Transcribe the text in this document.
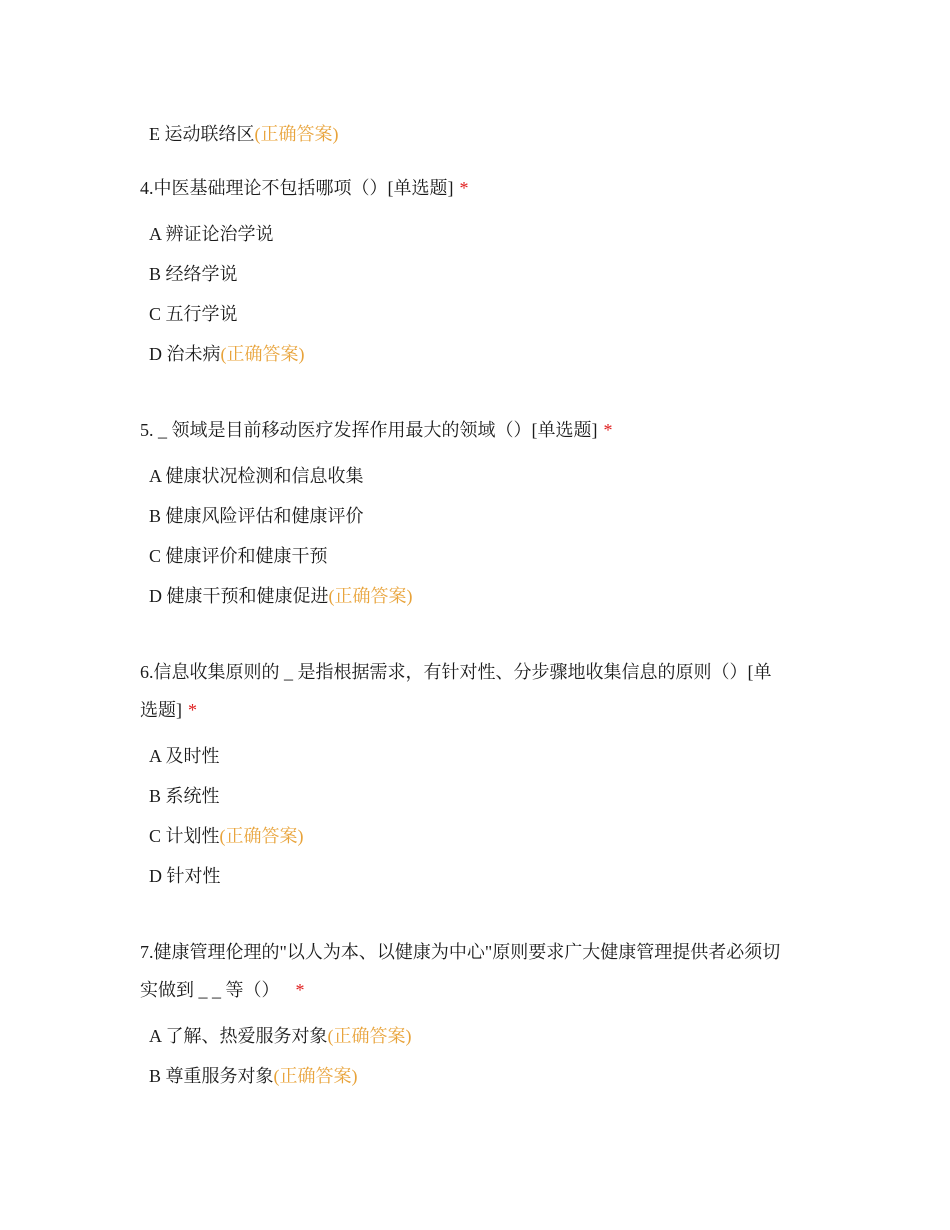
E 运动联络区(正确答案)
4.中医基础理论不包括哪项（）[单选题] *
A 辨证论治学说
B 经络学说
C 五行学说
D 治未病(正确答案)
5. _ 领域是目前移动医疗发挥作用最大的领域（）[单选题] *
A 健康状况检测和信息收集
B 健康风险评估和健康评价
C 健康评价和健康干预
D 健康干预和健康促进(正确答案)
6.信息收集原则的 _ 是指根据需求，有针对性、分步骤地收集信息的原则（）[单
选题] *
A 及时性
B 系统性
C 计划性(正确答案)
D 针对性
7.健康管理伦理的"以人为本、以健康为中心"原则要求广大健康管理提供者必须切
实做到 _ _ 等（） *
A 了解、热爱服务对象(正确答案)
B 尊重服务对象(正确答案)
